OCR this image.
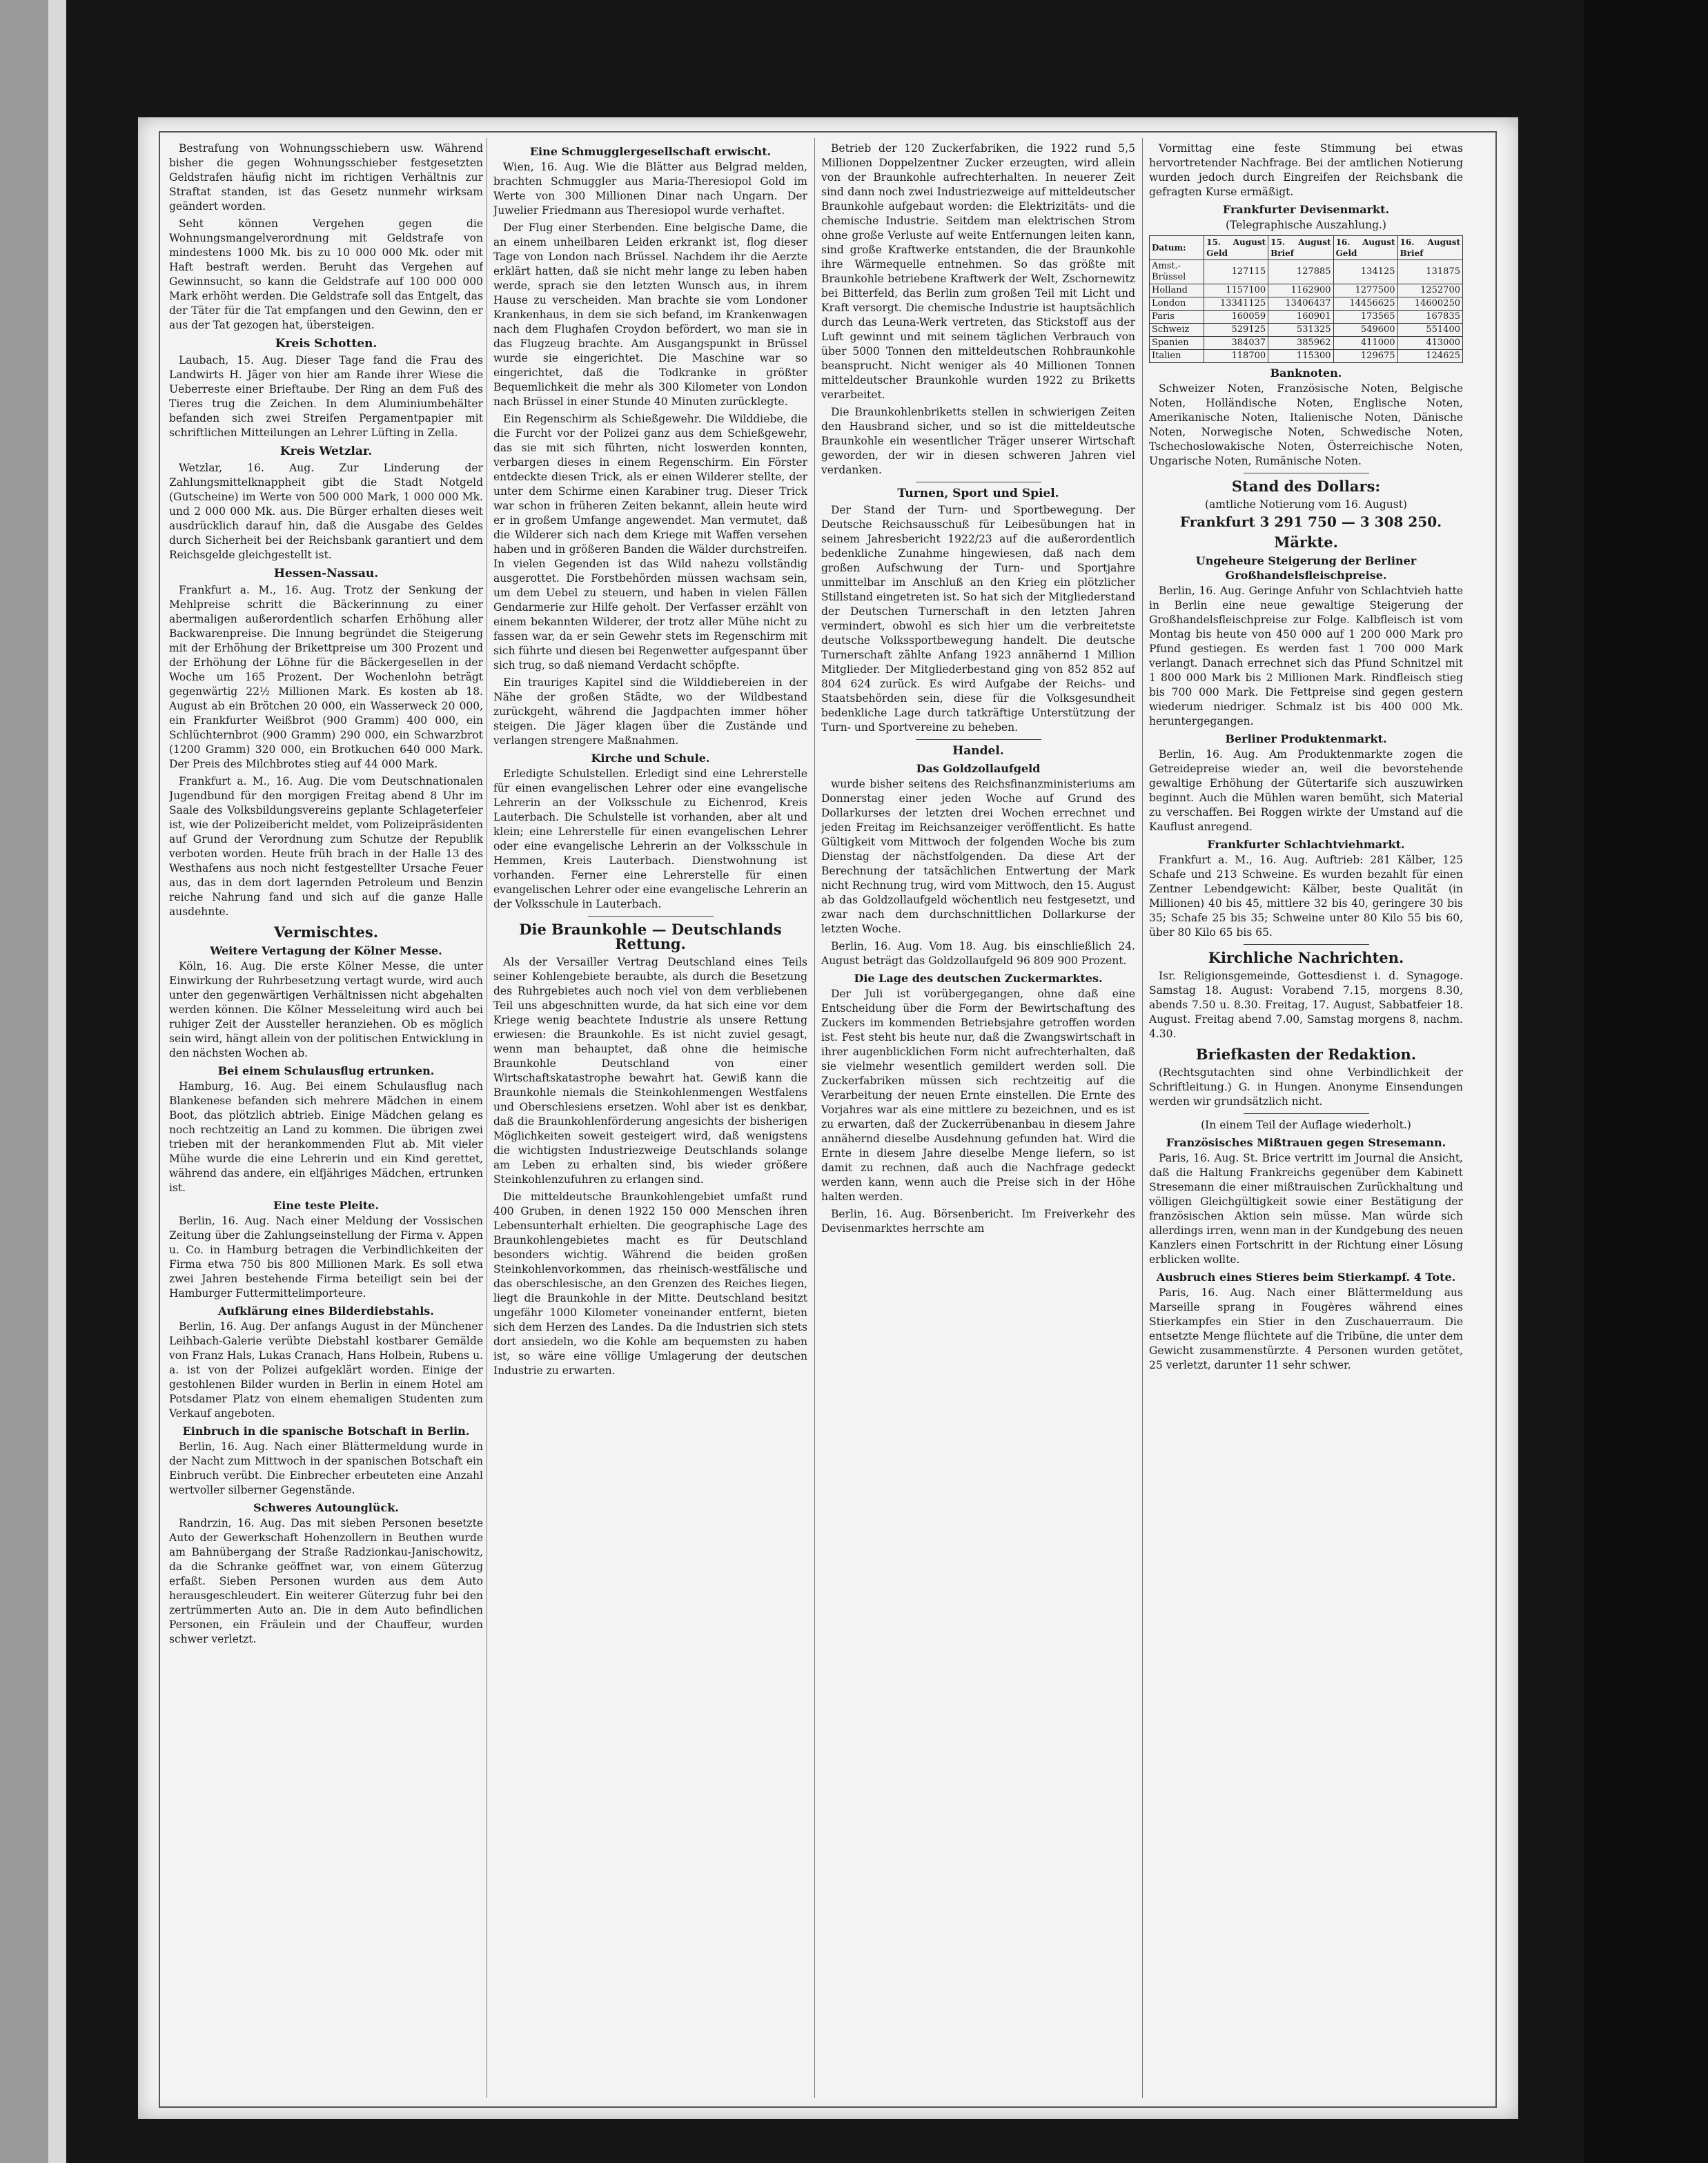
Bestrafung von Wohnungsschiebern usw. Während bisher die gegen Wohnungsschieber festgesetzten Geldstrafen häufig nicht im richtigen Verhältnis zur Straftat standen, ist das Gesetz nunmehr wirksam geändert worden.

Seht können Vergehen gegen die Wohnungsmangelverordnung mit Geldstrafe von mindestens 1000 Mk. bis zu 10 000 000 Mk. oder mit Haft bestraft werden. Beruht das Vergehen auf Gewinnsucht, so kann die Geldstrafe auf 100 000 000 Mark erhöht werden. Die Geldstrafe soll das Entgelt, das der Täter für die Tat empfangen und den Gewinn, den er aus der Tat gezogen hat, übersteigen.

Kreis Schotten.

Laubach, 15. Aug. Dieser Tage fand die Frau des Landwirts H. Jäger von hier am Rande ihrer Wiese die Ueberreste einer Brieftaube. Der Ring an dem Fuß des Tieres trug die Zeichen. In dem Aluminiumbehälter befanden sich zwei Streifen Pergamentpapier mit schriftlichen Mitteilungen an Lehrer Lüfting in Zella.

Kreis Wetzlar.

Wetzlar, 16. Aug. Zur Linderung der Zahlungsmittelknappheit gibt die Stadt Notgeld (Gutscheine) im Werte von 500 000 Mark, 1 000 000 Mk. und 2 000 000 Mk. aus. Die Bürger erhalten dieses weit ausdrücklich darauf hin, daß die Ausgabe des Geldes durch Sicherheit bei der Reichsbank garantiert und dem Reichsgelde gleichgestellt ist.

Hessen-Nassau.

Frankfurt a. M., 16. Aug. Trotz der Senkung der Mehlpreise schritt die Bäckerinnung zu einer abermaligen außerordentlich scharfen Erhöhung aller Backwarenpreise. Die Innung begründet die Steigerung mit der Erhöhung der Brikettpreise um 300 Prozent und der Erhöhung der Löhne für die Bäckergesellen in der Woche um 165 Prozent. Der Wochenlohn beträgt gegenwärtig 22½ Millionen Mark. Es kosten ab 18. August ab ein Brötchen 20 000, ein Wasserweck 20 000, ein Frankfurter Weißbrot (900 Gramm) 400 000, ein Schlüchternbrot (900 Gramm) 290 000, ein Schwarzbrot (1200 Gramm) 320 000, ein Brotkuchen 640 000 Mark. Der Preis des Milchbrotes stieg auf 44 000 Mark.

Frankfurt a. M., 16. Aug. Die vom Deutschnationalen Jugendbund für den morgigen Freitag abend 8 Uhr im Saale des Volksbildungsvereins geplante Schlageterfeier ist, wie der Polizeibericht meldet, vom Polizeipräsidenten auf Grund der Verordnung zum Schutze der Republik verboten worden. Heute früh brach in der Halle 13 des Westhafens aus noch nicht festgestellter Ursache Feuer aus, das in dem dort lagernden Petroleum und Benzin reiche Nahrung fand und sich auf die ganze Halle ausdehnte.

Vermischtes.
Weitere Vertagung der Kölner Messe.

Köln, 16. Aug. Die erste Kölner Messe, die unter Einwirkung der Ruhrbesetzung vertagt wurde, wird auch unter den gegenwärtigen Verhältnissen nicht abgehalten werden können. Die Kölner Messeleitung wird auch bei ruhiger Zeit der Aussteller heranziehen. Ob es möglich sein wird, hängt allein von der politischen Entwicklung in den nächsten Wochen ab.

Bei einem Schulausflug ertrunken.

Hamburg, 16. Aug. Bei einem Schulausflug nach Blankenese befanden sich mehrere Mädchen in einem Boot, das plötzlich abtrieb. Einige Mädchen gelang es noch rechtzeitig an Land zu kommen. Die übrigen zwei trieben mit der herankommenden Flut ab. Mit vieler Mühe wurde die eine Lehrerin und ein Kind gerettet, während das andere, ein elfjähriges Mädchen, ertrunken ist.

Eine teste Pleite.

Berlin, 16. Aug. Nach einer Meldung der Vossischen Zeitung über die Zahlungseinstellung der Firma v. Appen u. Co. in Hamburg betragen die Verbindlichkeiten der Firma etwa 750 bis 800 Millionen Mark. Es soll etwa zwei Jahren bestehende Firma beteiligt sein bei der Hamburger Futtermittelimporteure.

Aufklärung eines Bilderdiebstahls.

Berlin, 16. Aug. Der anfangs August in der Münchener Leihbach-Galerie verübte Diebstahl kostbarer Gemälde von Franz Hals, Lukas Cranach, Hans Holbein, Rubens u. a. ist von der Polizei aufgeklärt worden. Einige der gestohlenen Bilder wurden in Berlin in einem Hotel am Potsdamer Platz von einem ehemaligen Studenten zum Verkauf angeboten.

Einbruch in die spanische Botschaft in Berlin.

Berlin, 16. Aug. Nach einer Blättermeldung wurde in der Nacht zum Mittwoch in der spanischen Botschaft ein Einbruch verübt. Die Einbrecher erbeuteten eine Anzahl wertvoller silberner Gegenstände.

Schweres Autounglück.

Randrzin, 16. Aug. Das mit sieben Personen besetzte Auto der Gewerkschaft Hohenzollern in Beuthen wurde am Bahnübergang der Straße Radzionkau-Janischowitz, da die Schranke geöffnet war, von einem Güterzug erfaßt. Sieben Personen wurden aus dem Auto herausgeschleudert. Ein weiterer Güterzug fuhr bei den zertrümmerten Auto an. Die in dem Auto befindlichen Personen, ein Fräulein und der Chauffeur, wurden schwer verletzt.

Eine Schmugglergesellschaft erwischt.

Wien, 16. Aug. Wie die Blätter aus Belgrad melden, brachten Schmuggler aus Maria-Theresiopol Gold im Werte von 300 Millionen Dinar nach Ungarn. Der Juwelier Friedmann aus Theresiopol wurde verhaftet.

Der Flug einer Sterbenden. Eine belgische Dame, die an einem unheilbaren Leiden erkrankt ist, flog dieser Tage von London nach Brüssel. Nachdem ihr die Aerzte erklärt hatten, daß sie nicht mehr lange zu leben haben werde, sprach sie den letzten Wunsch aus, in ihrem Hause zu verscheiden. Man brachte sie vom Londoner Krankenhaus, in dem sie sich befand, im Krankenwagen nach dem Flughafen Croydon befördert, wo man sie in das Flugzeug brachte. Am Ausgangspunkt in Brüssel wurde sie eingerichtet. Die Maschine war so eingerichtet, daß die Todkranke in größter Bequemlichkeit die mehr als 300 Kilometer von London nach Brüssel in einer Stunde 40 Minuten zurücklegte.

Ein Regenschirm als Schießgewehr. Die Wilddiebe, die die Furcht vor der Polizei ganz aus dem Schießgewehr, das sie mit sich führten, nicht loswerden konnten, verbargen dieses in einem Regenschirm. Ein Förster entdeckte diesen Trick, als er einen Wilderer stellte, der unter dem Schirme einen Karabiner trug. Dieser Trick war schon in früheren Zeiten bekannt, allein heute wird er in großem Umfange angewendet. Man vermutet, daß die Wilderer sich nach dem Kriege mit Waffen versehen haben und in größeren Banden die Wälder durchstreifen. In vielen Gegenden ist das Wild nahezu vollständig ausgerottet. Die Forstbehörden müssen wachsam sein, um dem Uebel zu steuern, und haben in vielen Fällen Gendarmerie zur Hilfe geholt. Der Verfasser erzählt von einem bekannten Wilderer, der trotz aller Mühe nicht zu fassen war, da er sein Gewehr stets im Regenschirm mit sich führte und diesen bei Regenwetter aufgespannt über sich trug, so daß niemand Verdacht schöpfte.

Ein trauriges Kapitel sind die Wilddiebereien in der Nähe der großen Städte, wo der Wildbestand zurückgeht, während die Jagdpachten immer höher steigen. Die Jäger klagen über die Zustände und verlangen strengere Maßnahmen.

Kirche und Schule.

Erledigte Schulstellen. Erledigt sind eine Lehrerstelle für einen evangelischen Lehrer oder eine evangelische Lehrerin an der Volksschule zu Eichenrod, Kreis Lauterbach. Die Schulstelle ist vorhanden, aber alt und klein; eine Lehrerstelle für einen evangelischen Lehrer oder eine evangelische Lehrerin an der Volksschule in Hemmen, Kreis Lauterbach. Dienstwohnung ist vorhanden. Ferner eine Lehrerstelle für einen evangelischen Lehrer oder eine evangelische Lehrerin an der Volksschule in Lauterbach.

Die Braunkohle — Deutschlands Rettung.

Als der Versailler Vertrag Deutschland eines Teils seiner Kohlengebiete beraubte, als durch die Besetzung des Ruhrgebietes auch noch viel von dem verbliebenen Teil uns abgeschnitten wurde, da hat sich eine vor dem Kriege wenig beachtete Industrie als unsere Rettung erwiesen: die Braunkohle. Es ist nicht zuviel gesagt, wenn man behauptet, daß ohne die heimische Braunkohle Deutschland von einer Wirtschaftskatastrophe bewahrt hat. Gewiß kann die Braunkohle niemals die Steinkohlenmengen Westfalens und Oberschlesiens ersetzen. Wohl aber ist es denkbar, daß die Braunkohlenförderung angesichts der bisherigen Möglichkeiten soweit gesteigert wird, daß wenigstens die wichtigsten Industriezweige Deutschlands solange am Leben zu erhalten sind, bis wieder größere Steinkohlenzufuhren zu erlangen sind.

Die mitteldeutsche Braunkohlengebiet umfaßt rund 400 Gruben, in denen 1922 150 000 Menschen ihren Lebensunterhalt erhielten. Die geographische Lage des Braunkohlengebietes macht es für Deutschland besonders wichtig. Während die beiden großen Steinkohlenvorkommen, das rheinisch-westfälische und das oberschlesische, an den Grenzen des Reiches liegen, liegt die Braunkohle in der Mitte. Deutschland besitzt ungefähr 1000 Kilometer voneinander entfernt, bieten sich dem Herzen des Landes. Da die Industrien sich stets dort ansiedeln, wo die Kohle am bequemsten zu haben ist, so wäre eine völlige Umlagerung der deutschen Industrie zu erwarten.

Betrieb der 120 Zuckerfabriken, die 1922 rund 5,5 Millionen Doppelzentner Zucker erzeugten, wird allein von der Braunkohle aufrechterhalten. In neuerer Zeit sind dann noch zwei Industriezweige auf mitteldeutscher Braunkohle aufgebaut worden: die Elektrizitäts- und die chemische Industrie. Seitdem man elektrischen Strom ohne große Verluste auf weite Entfernungen leiten kann, sind große Kraftwerke entstanden, die der Braunkohle ihre Wärmequelle entnehmen. So das größte mit Braunkohle betriebene Kraftwerk der Welt, Zschornewitz bei Bitterfeld, das Berlin zum großen Teil mit Licht und Kraft versorgt. Die chemische Industrie ist hauptsächlich durch das Leuna-Werk vertreten, das Stickstoff aus der Luft gewinnt und mit seinem täglichen Verbrauch von über 5000 Tonnen den mitteldeutschen Rohbraunkohle beansprucht. Nicht weniger als 40 Millionen Tonnen mitteldeutscher Braunkohle wurden 1922 zu Briketts verarbeitet.

Die Braunkohlenbriketts stellen in schwierigen Zeiten den Hausbrand sicher, und so ist die mitteldeutsche Braunkohle ein wesentlicher Träger unserer Wirtschaft geworden, der wir in diesen schweren Jahren viel verdanken.

Turnen, Sport und Spiel.

Der Stand der Turn- und Sportbewegung. Der Deutsche Reichsausschuß für Leibesübungen hat in seinem Jahresbericht 1922/23 auf die außerordentlich bedenkliche Zunahme hingewiesen, daß nach dem großen Aufschwung der Turn- und Sportjahre unmittelbar im Anschluß an den Krieg ein plötzlicher Stillstand eingetreten ist. So hat sich der Mitgliederstand der Deutschen Turnerschaft in den letzten Jahren vermindert, obwohl es sich hier um die verbreitetste deutsche Volkssportbewegung handelt. Die deutsche Turnerschaft zählte Anfang 1923 annähernd 1 Million Mitglieder. Der Mitgliederbestand ging von 852 852 auf 804 624 zurück. Es wird Aufgabe der Reichs- und Staatsbehörden sein, diese für die Volksgesundheit bedenkliche Lage durch tatkräftige Unterstützung der Turn- und Sportvereine zu beheben.

Handel.
Das Goldzollaufgeld

wurde bisher seitens des Reichsfinanzministeriums am Donnerstag einer jeden Woche auf Grund des Dollarkurses der letzten drei Wochen errechnet und jeden Freitag im Reichsanzeiger veröffentlicht. Es hatte Gültigkeit vom Mittwoch der folgenden Woche bis zum Dienstag der nächstfolgenden. Da diese Art der Berechnung der tatsächlichen Entwertung der Mark nicht Rechnung trug, wird vom Mittwoch, den 15. August ab das Goldzollaufgeld wöchentlich neu festgesetzt, und zwar nach dem durchschnittlichen Dollarkurse der letzten Woche.

Berlin, 16. Aug. Vom 18. Aug. bis einschließlich 24. August beträgt das Goldzollaufgeld 96 809 900 Prozent.

Die Lage des deutschen Zuckermarktes.

Der Juli ist vorübergegangen, ohne daß eine Entscheidung über die Form der Bewirtschaftung des Zuckers im kommenden Betriebsjahre getroffen worden ist. Fest steht bis heute nur, daß die Zwangswirtschaft in ihrer augenblicklichen Form nicht aufrechterhalten, daß sie vielmehr wesentlich gemildert werden soll. Die Zuckerfabriken müssen sich rechtzeitig auf die Verarbeitung der neuen Ernte einstellen. Die Ernte des Vorjahres war als eine mittlere zu bezeichnen, und es ist zu erwarten, daß der Zuckerrübenanbau in diesem Jahre annähernd dieselbe Ausdehnung gefunden hat. Wird die Ernte in diesem Jahre dieselbe Menge liefern, so ist damit zu rechnen, daß auch die Nachfrage gedeckt werden kann, wenn auch die Preise sich in der Höhe halten werden.

Berlin, 16. Aug. Börsenbericht. Im Freiverkehr des Devisenmarktes herrschte am

Vormittag eine feste Stimmung bei etwas hervortretender Nachfrage. Bei der amtlichen Notierung wurden jedoch durch Eingreifen der Reichsbank die gefragten Kurse ermäßigt.

Frankfurter Devisenmarkt.

(Telegraphische Auszahlung.)

Datum:	15. August Geld	15. August Brief	16. August Geld	16. August Brief
Amst.-Brüssel	127115	127885	134125	131875
Holland	1157100	1162900	1277500	1252700
London	13341125	13406437	14456625	14600250
Paris	160059	160901	173565	167835
Schweiz	529125	531325	549600	551400
Spanien	384037	385962	411000	413000
Italien	118700	115300	129675	124625
Banknoten.

Schweizer Noten, Französische Noten, Belgische Noten, Holländische Noten, Englische Noten, Amerikanische Noten, Italienische Noten, Dänische Noten, Norwegische Noten, Schwedische Noten, Tschechoslowakische Noten, Österreichische Noten, Ungarische Noten, Rumänische Noten.

Stand des Dollars:

(amtliche Notierung vom 16. August)

Frankfurt 3 291 750 — 3 308 250.

Märkte.
Ungeheure Steigerung der Berliner Großhandelsfleischpreise.

Berlin, 16. Aug. Geringe Anfuhr von Schlachtvieh hatte in Berlin eine neue gewaltige Steigerung der Großhandelsfleischpreise zur Folge. Kalbfleisch ist vom Montag bis heute von 450 000 auf 1 200 000 Mark pro Pfund gestiegen. Es werden fast 1 700 000 Mark verlangt. Danach errechnet sich das Pfund Schnitzel mit 1 800 000 Mark bis 2 Millionen Mark. Rindfleisch stieg bis 700 000 Mark. Die Fettpreise sind gegen gestern wiederum niedriger. Schmalz ist bis 400 000 Mk. heruntergegangen.

Berliner Produktenmarkt.

Berlin, 16. Aug. Am Produktenmarkte zogen die Getreidepreise wieder an, weil die bevorstehende gewaltige Erhöhung der Gütertarife sich auszuwirken beginnt. Auch die Mühlen waren bemüht, sich Material zu verschaffen. Bei Roggen wirkte der Umstand auf die Kauflust anregend.

Frankfurter Schlachtviehmarkt.

Frankfurt a. M., 16. Aug. Auftrieb: 281 Kälber, 125 Schafe und 213 Schweine. Es wurden bezahlt für einen Zentner Lebendgewicht: Kälber, beste Qualität (in Millionen) 40 bis 45, mittlere 32 bis 40, geringere 30 bis 35; Schafe 25 bis 35; Schweine unter 80 Kilo 55 bis 60, über 80 Kilo 65 bis 65.

Kirchliche Nachrichten.

Isr. Religionsgemeinde, Gottesdienst i. d. Synagoge. Samstag 18. August: Vorabend 7.15, morgens 8.30, abends 7.50 u. 8.30. Freitag, 17. August, Sabbatfeier 18. August. Freitag abend 7.00, Samstag morgens 8, nachm. 4.30.

Briefkasten der Redaktion.

(Rechtsgutachten sind ohne Verbindlichkeit der Schriftleitung.) G. in Hungen. Anonyme Einsendungen werden wir grundsätzlich nicht.

(In einem Teil der Auflage wiederholt.)

Französisches Mißtrauen gegen Stresemann.

Paris, 16. Aug. St. Brice vertritt im Journal die Ansicht, daß die Haltung Frankreichs gegenüber dem Kabinett Stresemann die einer mißtrauischen Zurückhaltung und völligen Gleichgültigkeit sowie einer Bestätigung der französischen Aktion sein müsse. Man würde sich allerdings irren, wenn man in der Kundgebung des neuen Kanzlers einen Fortschritt in der Richtung einer Lösung erblicken wollte.

Ausbruch eines Stieres beim Stierkampf. 4 Tote.

Paris, 16. Aug. Nach einer Blättermeldung aus Marseille sprang in Fougères während eines Stierkampfes ein Stier in den Zuschauerraum. Die entsetzte Menge flüchtete auf die Tribüne, die unter dem Gewicht zusammenstürzte. 4 Personen wurden getötet, 25 verletzt, darunter 11 sehr schwer.
